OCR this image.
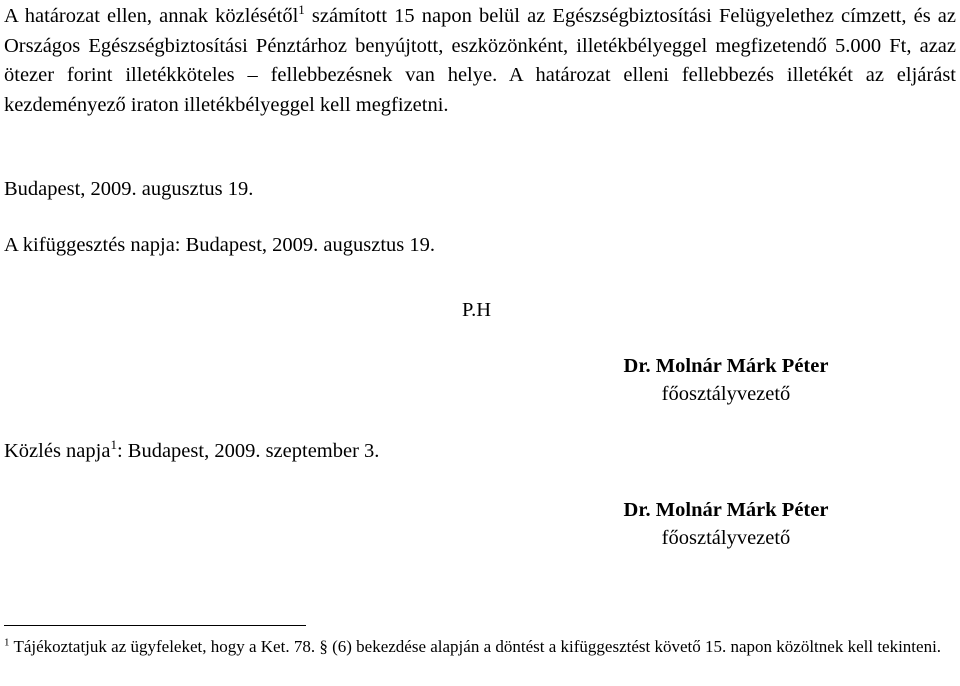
A határozat ellen, annak közlésétől$^1$ számított 15 napon belül az Egészségbiztosítási Felügyelethez címzett, és az Országos Egészségbiztosítási Pénztárhoz benyújtott, eszközönként, illetékbélyeggel megfizetendő 5.000 Ft, azaz ötezer forint illetékköteles – fellebbezésnek van helye. A határozat elleni fellebbezés illetékét az eljárást kezdeményező iraton illetékbélyeggel kell megfizetni.
Budapest, 2009. augusztus 19.
A kifüggesztés napja: Budapest, 2009. augusztus 19.
P.H
Dr. Molnár Márk Péter
főosztályvezető
Közlés napja$^1$: Budapest, 2009. szeptember 3.
Dr. Molnár Márk Péter
főosztályvezető
$^1$ Tájékoztatjuk az ügyfeleket, hogy a Ket. 78. § (6) bekezdése alapján a döntést a kifüggesztést követő 15. napon közöltnek kell tekinteni.
